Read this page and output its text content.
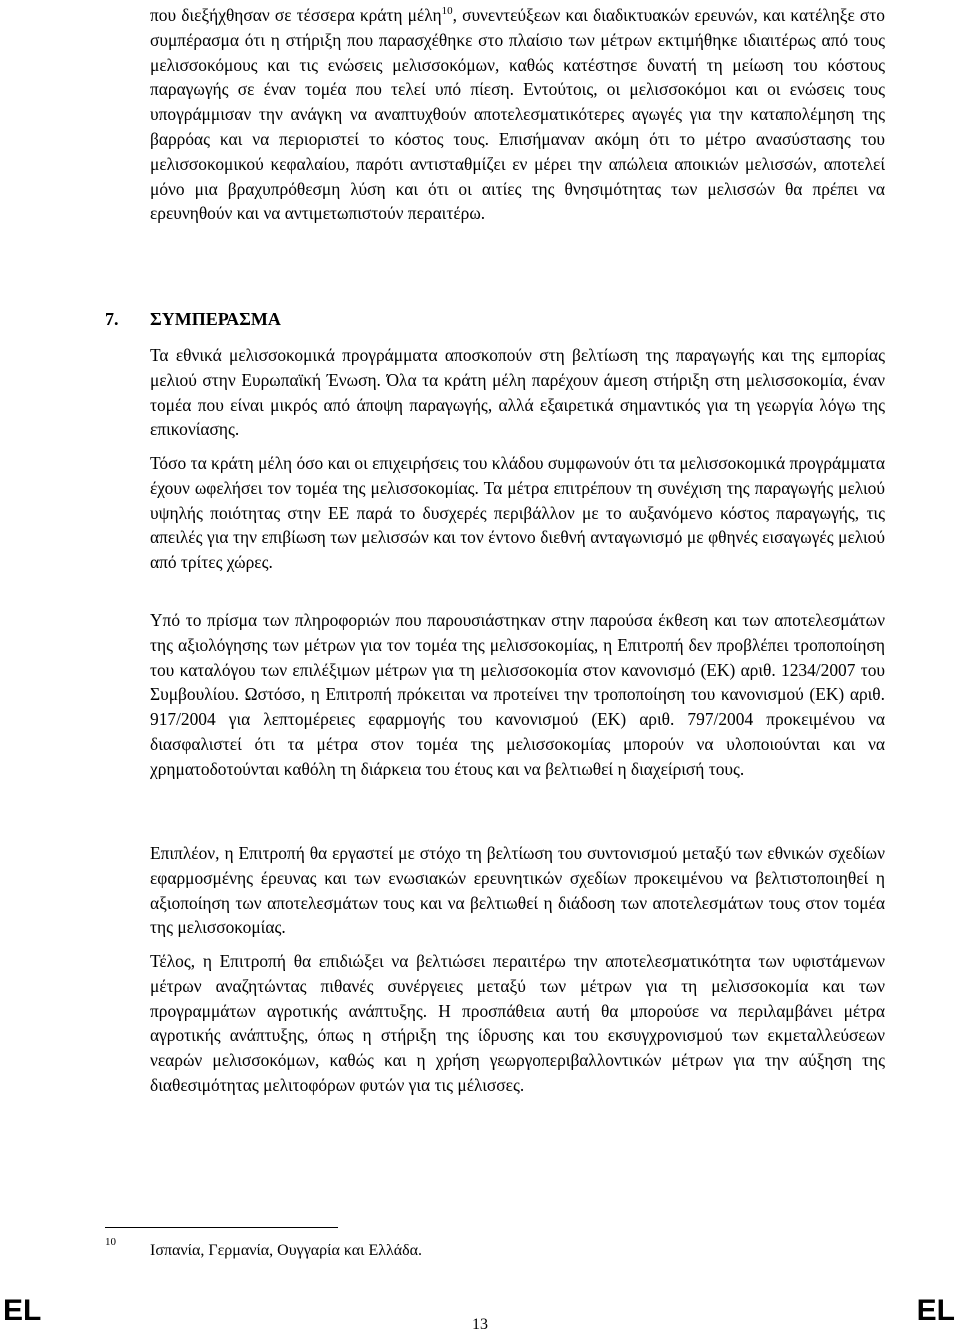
που διεξήχθησαν σε τέσσερα κράτη μέλη$^{10}$, συνεντεύξεων και διαδικτυακών ερευνών, και κατέληξε στο συμπέρασμα ότι η στήριξη που παρασχέθηκε στο πλαίσιο των μέτρων εκτιμήθηκε ιδιαιτέρως από τους μελισσοκόμους και τις ενώσεις μελισσοκόμων, καθώς κατέστησε δυνατή τη μείωση του κόστους παραγωγής σε έναν τομέα που τελεί υπό πίεση. Εντούτοις, οι μελισσοκόμοι και οι ενώσεις τους υπογράμμισαν την ανάγκη να αναπτυχθούν αποτελεσματικότερες αγωγές για την καταπολέμηση της βαρρόας και να περιοριστεί το κόστος τους. Επισήμαναν ακόμη ότι το μέτρο ανασύστασης του μελισσοκομικού κεφαλαίου, παρότι αντισταθμίζει εν μέρει την απώλεια αποικιών μελισσών, αποτελεί μόνο μια βραχυπρόθεσμη λύση και ότι οι αιτίες της θνησιμότητας των μελισσών θα πρέπει να ερευνηθούν και να αντιμετωπιστούν περαιτέρω.

7. ΣΥΜΠΕΡΑΣΜΑ

Τα εθνικά μελισσοκομικά προγράμματα αποσκοπούν στη βελτίωση της παραγωγής και της εμπορίας μελιού στην Ευρωπαϊκή Ένωση. Όλα τα κράτη μέλη παρέχουν άμεση στήριξη στη μελισσοκομία, έναν τομέα που είναι μικρός από άποψη παραγωγής, αλλά εξαιρετικά σημαντικός για τη γεωργία λόγω της επικονίασης.

Τόσο τα κράτη μέλη όσο και οι επιχειρήσεις του κλάδου συμφωνούν ότι τα μελισσοκομικά προγράμματα έχουν ωφελήσει τον τομέα της μελισσοκομίας. Τα μέτρα επιτρέπουν τη συνέχιση της παραγωγής μελιού υψηλής ποιότητας στην ΕΕ παρά το δυσχερές περιβάλλον με το αυξανόμενο κόστος παραγωγής, τις απειλές για την επιβίωση των μελισσών και τον έντονο διεθνή ανταγωνισμό με φθηνές εισαγωγές μελιού από τρίτες χώρες.

Υπό το πρίσμα των πληροφοριών που παρουσιάστηκαν στην παρούσα έκθεση και των αποτελεσμάτων της αξιολόγησης των μέτρων για τον τομέα της μελισσοκομίας, η Επιτροπή δεν προβλέπει τροποποίηση του καταλόγου των επιλέξιμων μέτρων για τη μελισσοκομία στον κανονισμό (ΕΚ) αριθ. 1234/2007 του Συμβουλίου. Ωστόσο, η Επιτροπή πρόκειται να προτείνει την τροποποίηση του κανονισμού (ΕΚ) αριθ. 917/2004 για λεπτομέρειες εφαρμογής του κανονισμού (ΕΚ) αριθ. 797/2004 προκειμένου να διασφαλιστεί ότι τα μέτρα στον τομέα της μελισσοκομίας μπορούν να υλοποιούνται και να χρηματοδοτούνται καθόλη τη διάρκεια του έτους και να βελτιωθεί η διαχείρισή τους.

Επιπλέον, η Επιτροπή θα εργαστεί με στόχο τη βελτίωση του συντονισμού μεταξύ των εθνικών σχεδίων εφαρμοσμένης έρευνας και των ενωσιακών ερευνητικών σχεδίων προκειμένου να βελτιστοποιηθεί η αξιοποίηση των αποτελεσμάτων τους και να βελτιωθεί η διάδοση των αποτελεσμάτων τους στον τομέα της μελισσοκομίας.

Τέλος, η Επιτροπή θα επιδιώξει να βελτιώσει περαιτέρω την αποτελεσματικότητα των υφιστάμενων μέτρων αναζητώντας πιθανές συνέργειες μεταξύ των μέτρων για τη μελισσοκομία και των προγραμμάτων αγροτικής ανάπτυξης. Η προσπάθεια αυτή θα μπορούσε να περιλαμβάνει μέτρα αγροτικής ανάπτυξης, όπως η στήριξη της ίδρυσης και του εκσυγχρονισμού των εκμεταλλεύσεων νεαρών μελισσοκόμων, καθώς και η χρήση γεωργοπεριβαλλοντικών μέτρων για την αύξηση της διαθεσιμότητας μελιτοφόρων φυτών για τις μέλισσες.

10 Ισπανία, Γερμανία, Ουγγαρία και Ελλάδα.
EL	13	EL
